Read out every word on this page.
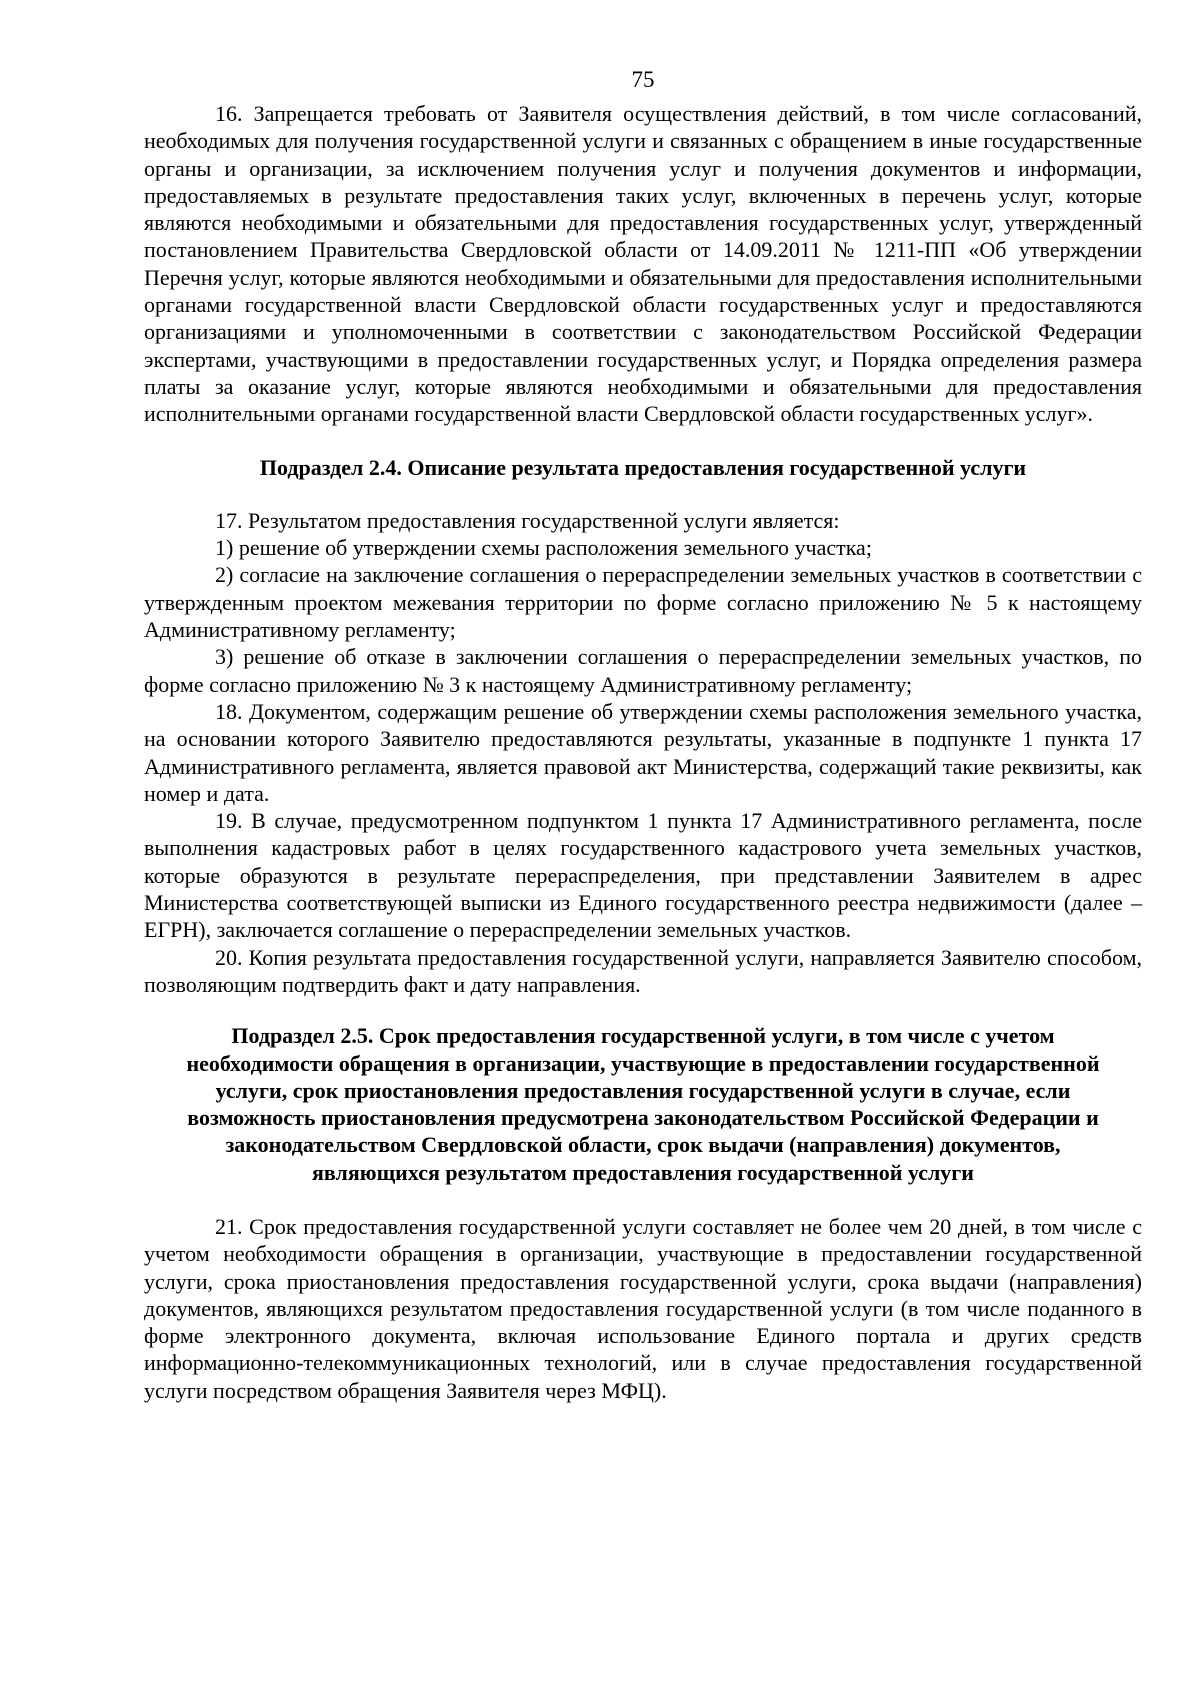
75

16. Запрещается требовать от Заявителя осуществления действий, в том числе согласований, необходимых для получения государственной услуги и связанных с обращением в иные государственные органы и организации, за исключением получения услуг и получения документов и информации, предоставляемых в результате предоставления таких услуг, включенных в перечень услуг, которые являются необходимыми и обязательными для предоставления государственных услуг, утвержденный постановлением Правительства Свердловской области от 14.09.2011 № 1211-ПП «Об утверждении Перечня услуг, которые являются необходимыми и обязательными для предоставления исполнительными органами государственной власти Свердловской области государственных услуг и предоставляются организациями и уполномоченными в соответствии с законодательством Российской Федерации экспертами, участвующими в предоставлении государственных услуг, и Порядка определения размера платы за оказание услуг, которые являются необходимыми и обязательными для предоставления исполнительными органами государственной власти Свердловской области государственных услуг».

Подраздел 2.4. Описание результата предоставления государственной услуги

17. Результатом предоставления государственной услуги является:

1) решение об утверждении схемы расположения земельного участка;

2) согласие на заключение соглашения о перераспределении земельных участков в соответствии с утвержденным проектом межевания территории по форме согласно приложению № 5 к настоящему Административному регламенту;

3) решение об отказе в заключении соглашения о перераспределении земельных участков, по форме согласно приложению № 3 к настоящему Административному регламенту;

18. Документом, содержащим решение об утверждении схемы расположения земельного участка, на основании которого Заявителю предоставляются результаты, указанные в подпункте 1 пункта 17 Административного регламента, является правовой акт Министерства, содержащий такие реквизиты, как номер и дата.

19. В случае, предусмотренном подпунктом 1 пункта 17 Административного регламента, после выполнения кадастровых работ в целях государственного кадастрового учета земельных участков, которые образуются в результате перераспределения, при представлении Заявителем в адрес Министерства соответствующей выписки из Единого государственного реестра недвижимости (далее – ЕГРН), заключается соглашение о перераспределении земельных участков.

20. Копия результата предоставления государственной услуги, направляется Заявителю способом, позволяющим подтвердить факт и дату направления.

Подраздел 2.5. Срок предоставления государственной услуги, в том числе с учетом необходимости обращения в организации, участвующие в предоставлении государственной услуги, срок приостановления предоставления государственной услуги в случае, если возможность приостановления предусмотрена законодательством Российской Федерации и законодательством Свердловской области, срок выдачи (направления) документов, являющихся результатом предоставления государственной услуги

21. Срок предоставления государственной услуги составляет не более чем 20 дней, в том числе с учетом необходимости обращения в организации, участвующие в предоставлении государственной услуги, срока приостановления предоставления государственной услуги, срока выдачи (направления) документов, являющихся результатом предоставления государственной услуги (в том числе поданного в форме электронного документа, включая использование Единого портала и других средств информационно-телекоммуникационных технологий, или в случае предоставления государственной услуги посредством обращения Заявителя через МФЦ).
